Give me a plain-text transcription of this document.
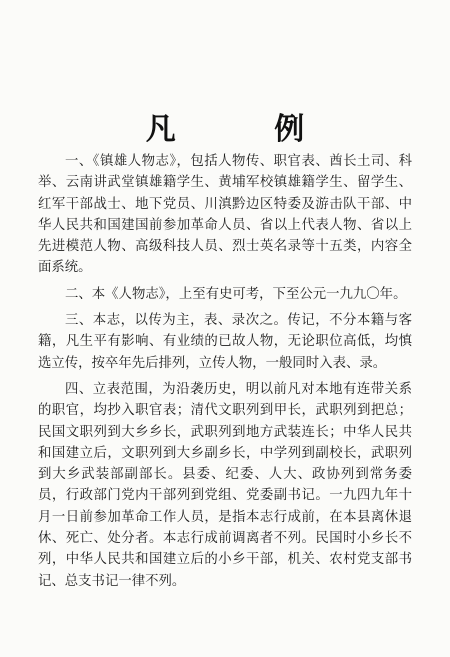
凡 例

一、《镇雄人物志》，包括人物传、职官表、酋长土司、科举、云南讲武堂镇雄籍学生、黄埔军校镇雄籍学生、留学生、红军干部战士、地下党员、川滇黔边区特委及游击队干部、中华人民共和国建国前参加革命人员、省以上代表人物、省以上先进模范人物、高级科技人员、烈士英名录等十五类，内容全面系统。

二、本《人物志》，上至有史可考，下至公元一九九〇年。

三、本志，以传为主，表、录次之。传记，不分本籍与客籍，凡生平有影响、有业绩的已故人物，无论职位高低，均慎选立传，按卒年先后排列，立传人物，一般同时入表、录。

四、立表范围，为沿袭历史，明以前凡对本地有连带关系的职官，均抄入职官表；清代文职列到甲长，武职列到把总；民国文职列到大乡乡长，武职列到地方武装连长；中华人民共和国建立后，文职列到大乡副乡长，中学列到副校长，武职列到大乡武装部副部长。县委、纪委、人大、政协列到常务委员，行政部门党内干部列到党组、党委副书记。一九四九年十月一日前参加革命工作人员，是指本志行成前，在本县离休退休、死亡、处分者。本志行成前调离者不列。民国时小乡长不列，中华人民共和国建立后的小乡干部，机关、农村党支部书记、总支书记一律不列。
